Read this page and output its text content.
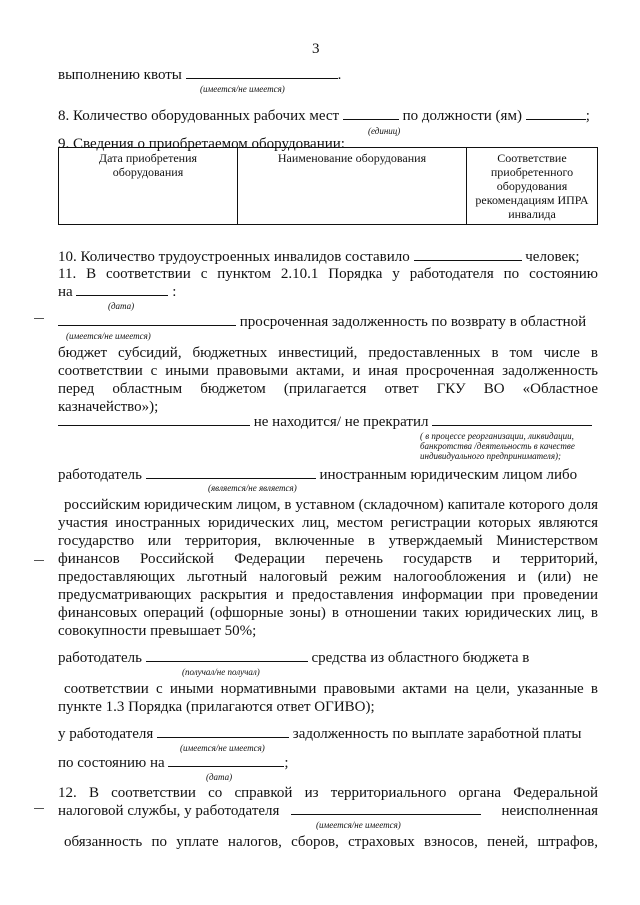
3
выполнению квоты	.
(имеется/не имеется)
8. Количество оборудованных рабочих мест	по должности (ям)	;
(единиц)
9. Сведения о приобретаемом оборудовании:
Дата приобретения оборудования	Наименование оборудования	Соответствие приобретенного оборудования рекомендациям ИПРА инвалида
10. Количество трудоустроенных инвалидов составило	человек;
11. В соответствии с пунктом 2.10.1 Порядка у работодателя по состоянию
на	:
(дата)
просроченная задолженность по возврату в областной
(имеется/не имеется)
бюджет субсидий, бюджетных инвестиций, предоставленных в том числе в
соответствии с иными правовыми актами, и иная просроченная задолженность
перед областным бюджетом (прилагается ответ ГКУ ВО «Областное
казначейство»);
не находится/ не прекратил
( в процессе реорганизации, ликвидации,
банкротства /деятельность в качестве
индивидуального предпринимателя);
работодатель	иностранным юридическим лицом либо
(является/не является)
российским юридическим лицом, в уставном (складочном) капитале которого доля
участия иностранных юридических лиц, местом регистрации которых являются
государство или территория, включенные в утверждаемый Министерством
финансов Российской Федерации перечень государств и территорий,
предоставляющих льготный налоговый режим налогообложения и (или) не
предусматривающих раскрытия и предоставления информации при проведении
финансовых операций (офшорные зоны) в отношении таких юридических лиц, в
совокупности превышает 50%;
работодатель	средства из областного бюджета в
(получал/не получал)
соответствии с иными нормативными правовыми актами на цели, указанные в
пункте 1.3 Порядка (прилагаются ответ ОГИВО);
у работодателя	задолженность по выплате заработной платы
(имеется/не имеется)
по состоянию на	;
(дата)
12. В соответствии со справкой из территориального органа Федеральной
налоговой службы, у работодателя	неисполненная
(имеется/не имеется)
обязанность по уплате налогов, сборов, страховых взносов, пеней, штрафов,
